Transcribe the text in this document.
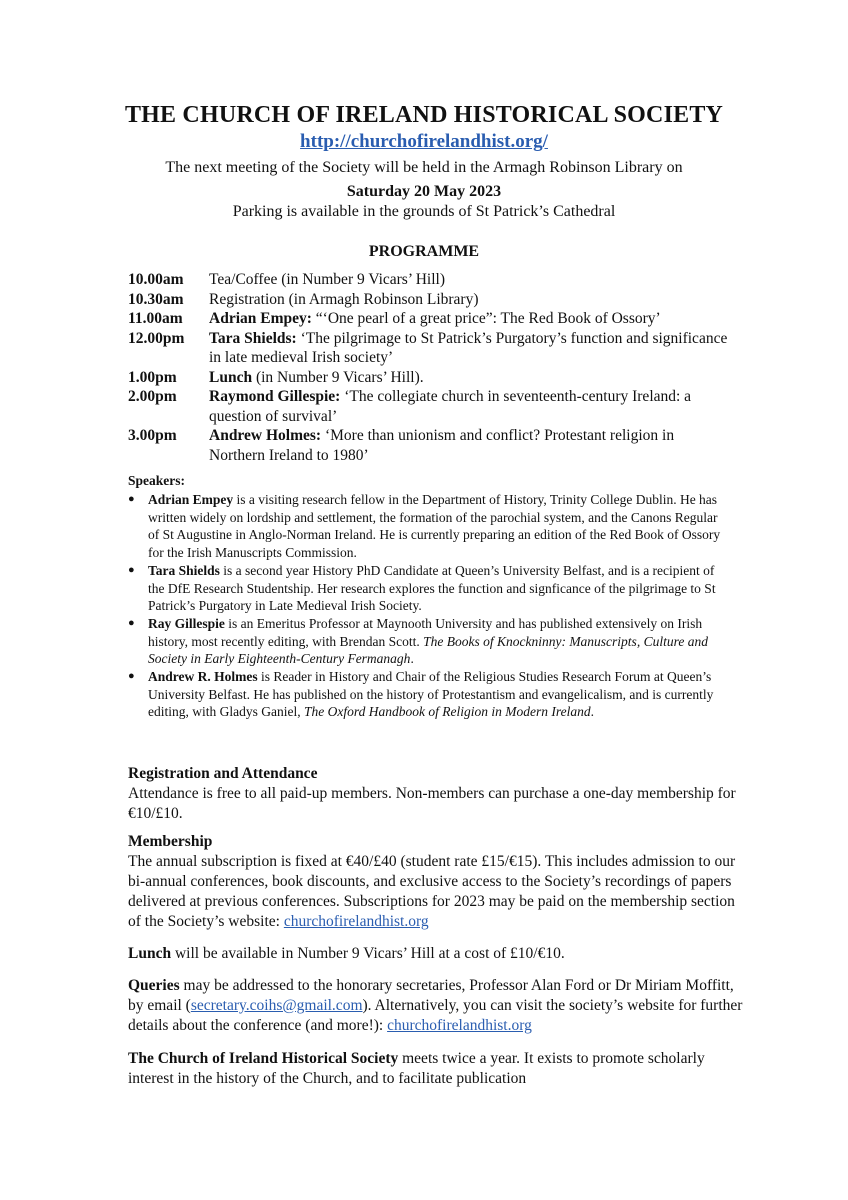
THE CHURCH OF IRELAND HISTORICAL SOCIETY
http://churchofirelandhist.org/
The next meeting of the Society will be held in the Armagh Robinson Library on
Saturday 20 May 2023
Parking is available in the grounds of St Patrick’s Cathedral
PROGRAMME
10.00am	Tea/Coffee (in Number 9 Vicars’ Hill)
10.30am	Registration (in Armagh Robinson Library)
11.00am	Adrian Empey: “‘One pearl of a great price”: The Red Book of Ossory’
12.00pm	Tara Shields: ‘The pilgrimage to St Patrick’s Purgatory’s function and significance in late medieval Irish society’
1.00pm	Lunch (in Number 9 Vicars’ Hill).
2.00pm	Raymond Gillespie: ‘The collegiate church in seventeenth-century Ireland: a question of survival’
3.00pm	Andrew Holmes: ‘More than unionism and conflict? Protestant religion in Northern Ireland to 1980’
Speakers:
● Adrian Empey is a visiting research fellow in the Department of History, Trinity College Dublin. He has written widely on lordship and settlement, the formation of the parochial system, and the Canons Regular of St Augustine in Anglo-Norman Ireland. He is currently preparing an edition of the Red Book of Ossory for the Irish Manuscripts Commission.
● Tara Shields is a second year History PhD Candidate at Queen’s University Belfast, and is a recipient of the DfE Research Studentship. Her research explores the function and signficance of the pilgrimage to St Patrick’s Purgatory in Late Medieval Irish Society.
● Ray Gillespie is an Emeritus Professor at Maynooth University and has published extensively on Irish history, most recently editing, with Brendan Scott. The Books of Knockninny: Manuscripts, Culture and Society in Early Eighteenth-Century Fermanagh.
● Andrew R. Holmes is Reader in History and Chair of the Religious Studies Research Forum at Queen’s University Belfast. He has published on the history of Protestantism and evangelicalism, and is currently editing, with Gladys Ganiel, The Oxford Handbook of Religion in Modern Ireland.
Registration and Attendance
Attendance is free to all paid-up members. Non-members can purchase a one-day membership for €10/£10.
Membership
The annual subscription is fixed at €40/£40 (student rate £15/€15). This includes admission to our bi-annual conferences, book discounts, and exclusive access to the Society’s recordings of papers delivered at previous conferences. Subscriptions for 2023 may be paid on the membership section of the Society’s website: churchofirelandhist.org
Lunch will be available in Number 9 Vicars’ Hill at a cost of £10/€10.
Queries may be addressed to the honorary secretaries, Professor Alan Ford or Dr Miriam Moffitt, by email (secretary.coihs@gmail.com). Alternatively, you can visit the society’s website for further details about the conference (and more!): churchofirelandhist.org
The Church of Ireland Historical Society meets twice a year. It exists to promote scholarly interest in the history of the Church, and to facilitate publication
